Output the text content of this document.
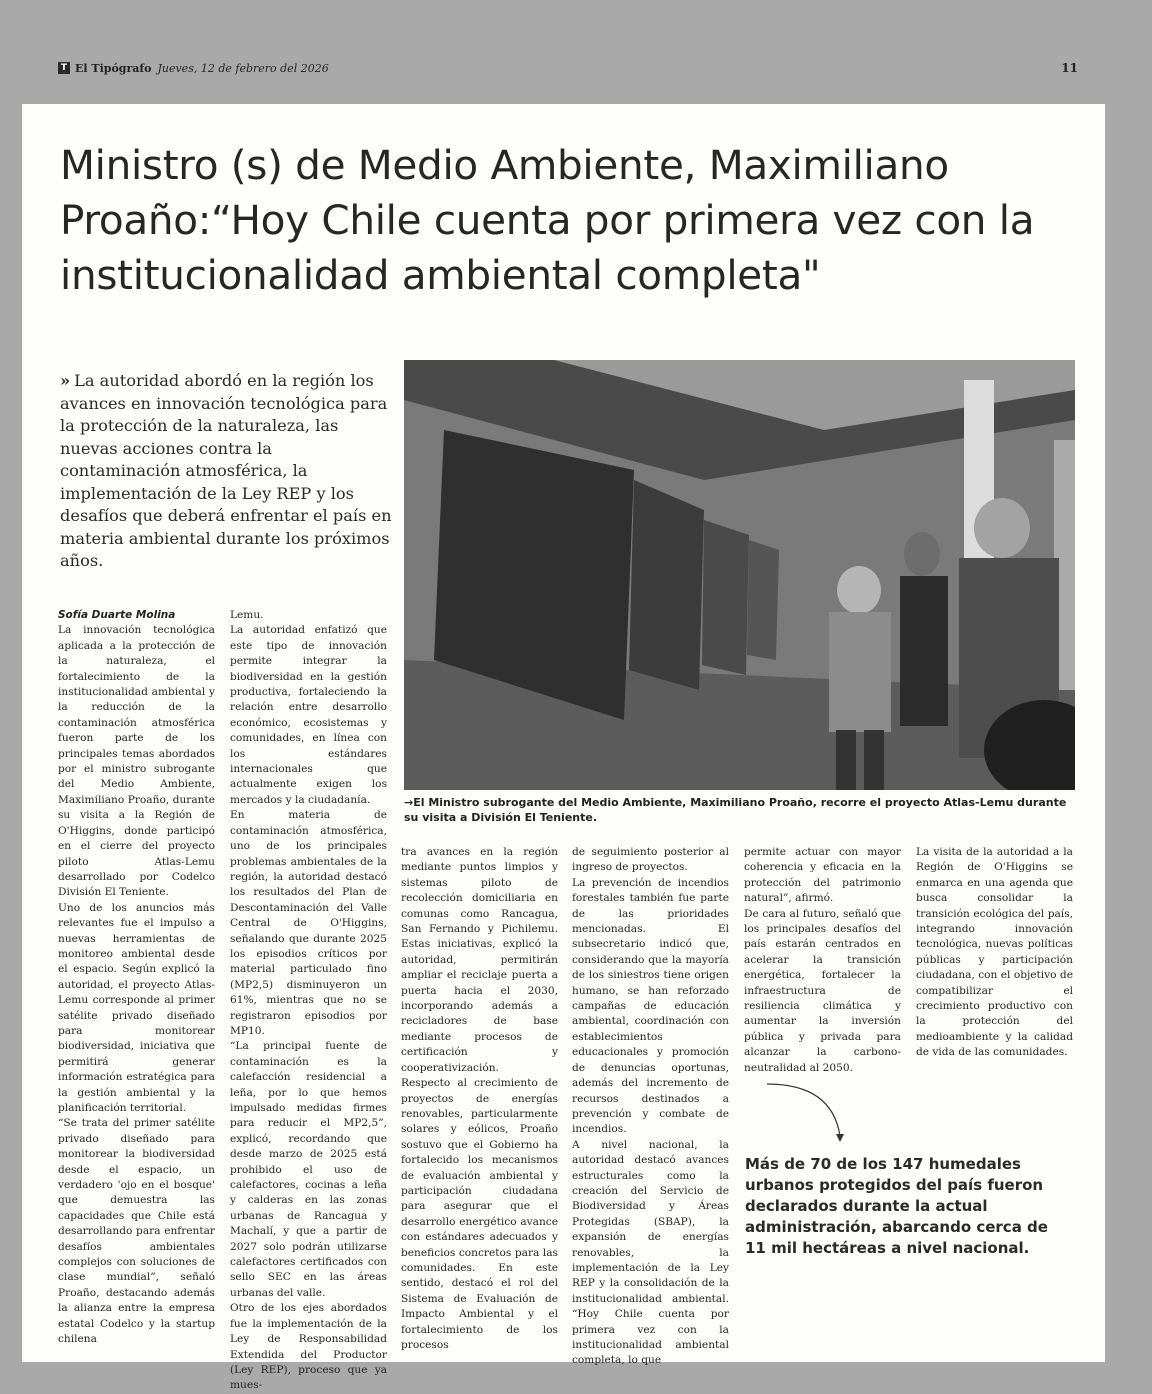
T El Tipógrafo Jueves, 12 de febrero del 2026	11
Ministro (s) de Medio Ambiente, Maximiliano Proaño:“Hoy Chile cuenta por primera vez con la institucionalidad ambiental completa"
» La autoridad abordó en la región los avances en innovación tecnológica para la protección de la naturaleza, las nuevas acciones contra la contaminación atmosférica, la implementación de la Ley REP y los desafíos que deberá enfrentar el país en materia ambiental durante los próximos años.
→El Ministro subrogante del Medio Ambiente, Maximiliano Proaño, recorre el proyecto Atlas-Lemu durante su visita a División El Teniente.

Sofía Duarte Molina

La innovación tecnológica aplicada a la protección de la naturaleza, el fortalecimiento de la institucionalidad ambiental y la reducción de la contaminación atmosférica fueron parte de los principales temas abordados por el ministro subrogante del Medio Ambiente, Maximiliano Proaño, durante su visita a la Región de O'Higgins, donde participó en el cierre del proyecto piloto Atlas-Lemu desarrollado por Codelco División El Teniente.

Uno de los anuncios más relevantes fue el impulso a nuevas herramientas de monitoreo ambiental desde el espacio. Según explicó la autoridad, el proyecto Atlas-Lemu corresponde al primer satélite privado diseñado para monitorear biodiversidad, iniciativa que permitirá generar información estratégica para la gestión ambiental y la planificación territorial.

“Se trata del primer satélite privado diseñado para monitorear la biodiversidad desde el espacio, un verdadero 'ojo en el bosque' que demuestra las capacidades que Chile está desarrollando para enfrentar desafíos ambientales complejos con soluciones de clase mundial”, señaló Proaño, destacando además la alianza entre la empresa estatal Codelco y la startup chilena

Lemu.

La autoridad enfatizó que este tipo de innovación permite integrar la biodiversidad en la gestión productiva, fortaleciendo la relación entre desarrollo económico, ecosistemas y comunidades, en línea con los estándares internacionales que actualmente exigen los mercados y la ciudadanía.

En materia de contaminación atmosférica, uno de los principales problemas ambientales de la región, la autoridad destacó los resultados del Plan de Descontaminación del Valle Central de O'Higgins, señalando que durante 2025 los episodios críticos por material particulado fino (MP2,5) disminuyeron un 61%, mientras que no se registraron episodios por MP10.

“La principal fuente de contaminación es la calefacción residencial a leña, por lo que hemos impulsado medidas firmes para reducir el MP2,5”, explicó, recordando que desde marzo de 2025 está prohibido el uso de calefactores, cocinas a leña y calderas en las zonas urbanas de Rancagua y Machalí, y que a partir de 2027 solo podrán utilizarse calefactores certificados con sello SEC en las áreas urbanas del valle.

Otro de los ejes abordados fue la implementación de la Ley de Responsabilidad Extendida del Productor (Ley REP), proceso que ya mues-

tra avances en la región mediante puntos limpios y sistemas piloto de recolección domiciliaria en comunas como Rancagua, San Fernando y Pichilemu. Estas iniciativas, explicó la autoridad, permitirán ampliar el reciclaje puerta a puerta hacia el 2030, incorporando además a recicladores de base mediante procesos de certificación y cooperativización.

Respecto al crecimiento de proyectos de energías renovables, particularmente solares y eólicos, Proaño sostuvo que el Gobierno ha fortalecido los mecanismos de evaluación ambiental y participación ciudadana para asegurar que el desarrollo energético avance con estándares adecuados y beneficios concretos para las comunidades. En este sentido, destacó el rol del Sistema de Evaluación de Impacto Ambiental y el fortalecimiento de los procesos

de seguimiento posterior al ingreso de proyectos.

La prevención de incendios forestales también fue parte de las prioridades mencionadas. El subsecretario indicó que, considerando que la mayoría de los siniestros tiene origen humano, se han reforzado campañas de educación ambiental, coordinación con establecimientos educacionales y promoción de denuncias oportunas, además del incremento de recursos destinados a prevención y combate de incendios.

A nivel nacional, la autoridad destacó avances estructurales como la creación del Servicio de Biodiversidad y Áreas Protegidas (SBAP), la expansión de energías renovables, la implementación de la Ley REP y la consolidación de la institucionalidad ambiental. “Hoy Chile cuenta por primera vez con la institucionalidad ambiental completa, lo que

permite actuar con mayor coherencia y eficacia en la protección del patrimonio natural”, afirmó.

De cara al futuro, señaló que los principales desafíos del país estarán centrados en acelerar la transición energética, fortalecer la infraestructura de resiliencia climática y aumentar la inversión pública y privada para alcanzar la carbono-neutralidad al 2050.

La visita de la autoridad a la Región de O'Higgins se enmarca en una agenda que busca consolidar la transición ecológica del país, integrando innovación tecnológica, nuevas políticas públicas y participación ciudadana, con el objetivo de compatibilizar el crecimiento productivo con la protección del medioambiente y la calidad de vida de las comunidades.

Más de 70 de los 147 humedales urbanos protegidos del país fueron declarados durante la actual administración, abarcando cerca de 11 mil hectáreas a nivel nacional.
